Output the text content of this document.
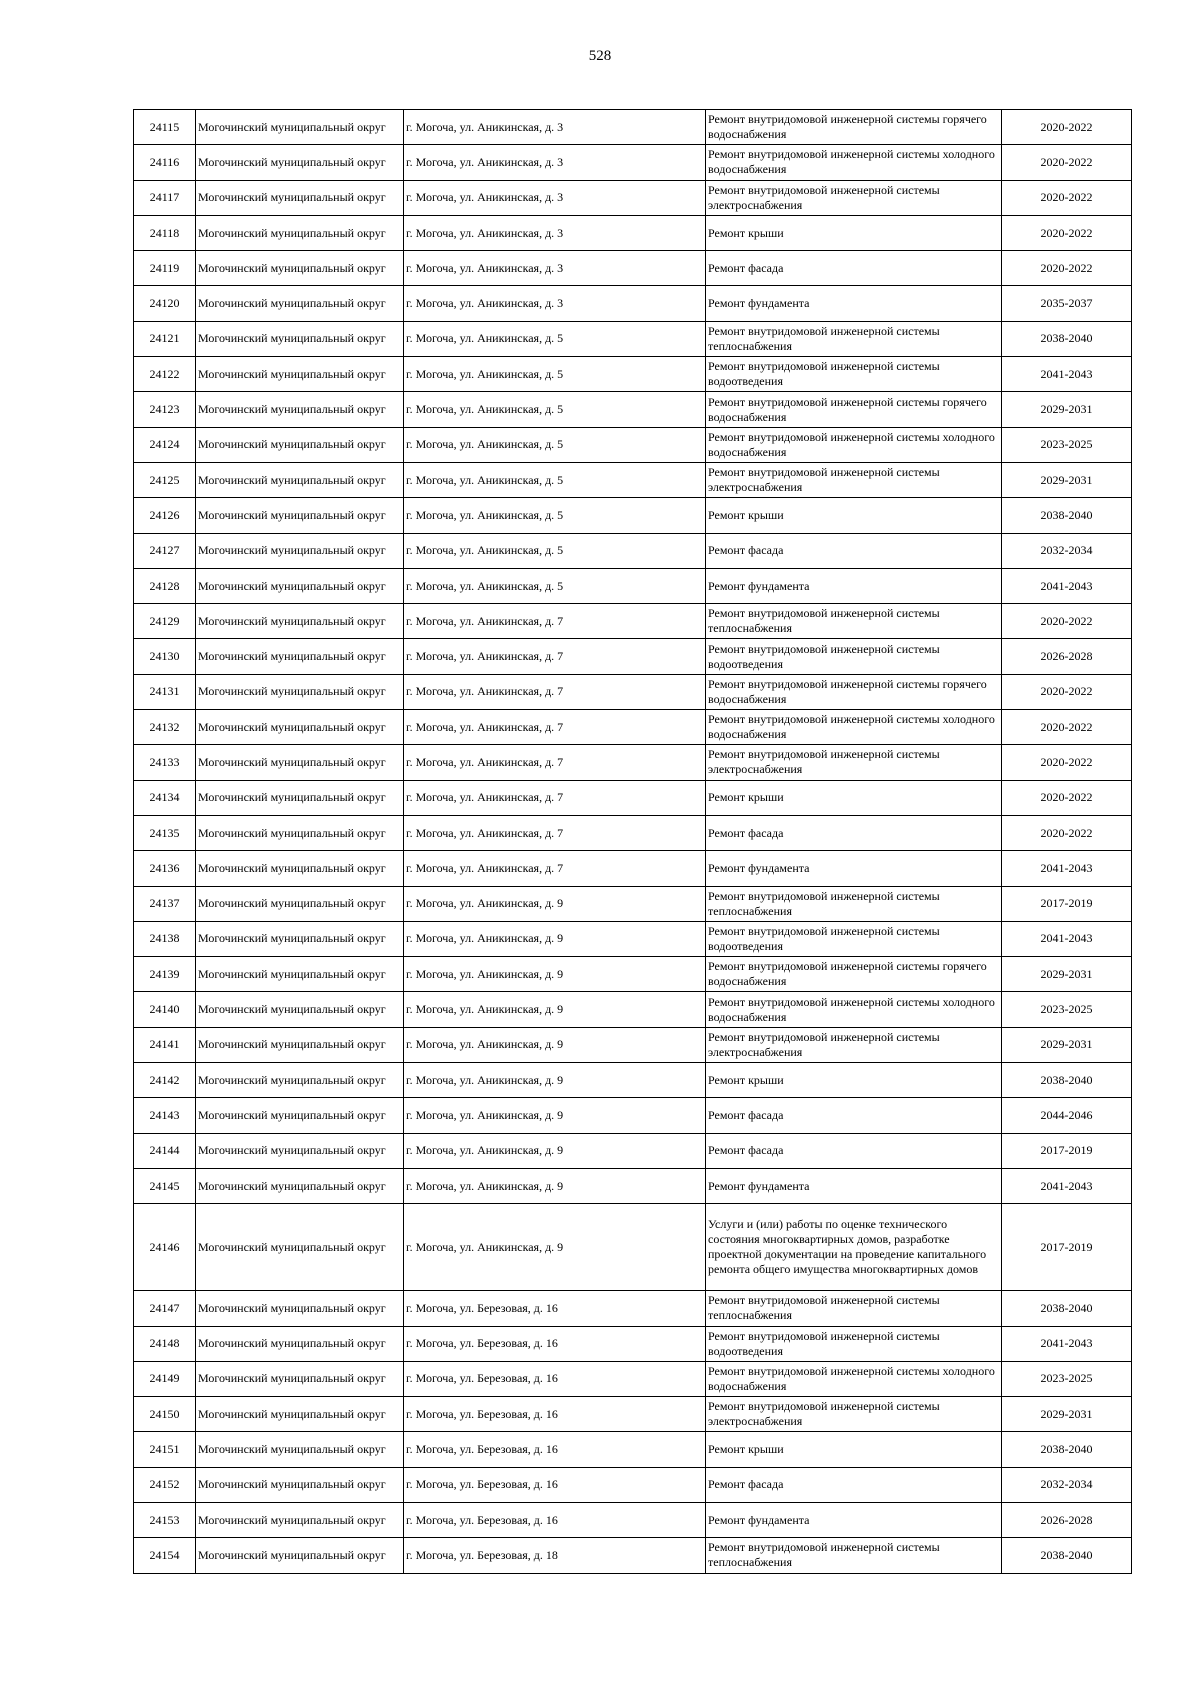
528
24115	Могочинский муниципальный округ	г. Могоча, ул. Аникинская, д. 3	Ремонт внутридомовой инженерной системы горячего водоснабжения	2020-2022
24116	Могочинский муниципальный округ	г. Могоча, ул. Аникинская, д. 3	Ремонт внутридомовой инженерной системы холодного водоснабжения	2020-2022
24117	Могочинский муниципальный округ	г. Могоча, ул. Аникинская, д. 3	Ремонт внутридомовой инженерной системы электроснабжения	2020-2022
24118	Могочинский муниципальный округ	г. Могоча, ул. Аникинская, д. 3	Ремонт крыши	2020-2022
24119	Могочинский муниципальный округ	г. Могоча, ул. Аникинская, д. 3	Ремонт фасада	2020-2022
24120	Могочинский муниципальный округ	г. Могоча, ул. Аникинская, д. 3	Ремонт фундамента	2035-2037
24121	Могочинский муниципальный округ	г. Могоча, ул. Аникинская, д. 5	Ремонт внутридомовой инженерной системы теплоснабжения	2038-2040
24122	Могочинский муниципальный округ	г. Могоча, ул. Аникинская, д. 5	Ремонт внутридомовой инженерной системы водоотведения	2041-2043
24123	Могочинский муниципальный округ	г. Могоча, ул. Аникинская, д. 5	Ремонт внутридомовой инженерной системы горячего водоснабжения	2029-2031
24124	Могочинский муниципальный округ	г. Могоча, ул. Аникинская, д. 5	Ремонт внутридомовой инженерной системы холодного водоснабжения	2023-2025
24125	Могочинский муниципальный округ	г. Могоча, ул. Аникинская, д. 5	Ремонт внутридомовой инженерной системы электроснабжения	2029-2031
24126	Могочинский муниципальный округ	г. Могоча, ул. Аникинская, д. 5	Ремонт крыши	2038-2040
24127	Могочинский муниципальный округ	г. Могоча, ул. Аникинская, д. 5	Ремонт фасада	2032-2034
24128	Могочинский муниципальный округ	г. Могоча, ул. Аникинская, д. 5	Ремонт фундамента	2041-2043
24129	Могочинский муниципальный округ	г. Могоча, ул. Аникинская, д. 7	Ремонт внутридомовой инженерной системы теплоснабжения	2020-2022
24130	Могочинский муниципальный округ	г. Могоча, ул. Аникинская, д. 7	Ремонт внутридомовой инженерной системы водоотведения	2026-2028
24131	Могочинский муниципальный округ	г. Могоча, ул. Аникинская, д. 7	Ремонт внутридомовой инженерной системы горячего водоснабжения	2020-2022
24132	Могочинский муниципальный округ	г. Могоча, ул. Аникинская, д. 7	Ремонт внутридомовой инженерной системы холодного водоснабжения	2020-2022
24133	Могочинский муниципальный округ	г. Могоча, ул. Аникинская, д. 7	Ремонт внутридомовой инженерной системы электроснабжения	2020-2022
24134	Могочинский муниципальный округ	г. Могоча, ул. Аникинская, д. 7	Ремонт крыши	2020-2022
24135	Могочинский муниципальный округ	г. Могоча, ул. Аникинская, д. 7	Ремонт фасада	2020-2022
24136	Могочинский муниципальный округ	г. Могоча, ул. Аникинская, д. 7	Ремонт фундамента	2041-2043
24137	Могочинский муниципальный округ	г. Могоча, ул. Аникинская, д. 9	Ремонт внутридомовой инженерной системы теплоснабжения	2017-2019
24138	Могочинский муниципальный округ	г. Могоча, ул. Аникинская, д. 9	Ремонт внутридомовой инженерной системы водоотведения	2041-2043
24139	Могочинский муниципальный округ	г. Могоча, ул. Аникинская, д. 9	Ремонт внутридомовой инженерной системы горячего водоснабжения	2029-2031
24140	Могочинский муниципальный округ	г. Могоча, ул. Аникинская, д. 9	Ремонт внутридомовой инженерной системы холодного водоснабжения	2023-2025
24141	Могочинский муниципальный округ	г. Могоча, ул. Аникинская, д. 9	Ремонт внутридомовой инженерной системы электроснабжения	2029-2031
24142	Могочинский муниципальный округ	г. Могоча, ул. Аникинская, д. 9	Ремонт крыши	2038-2040
24143	Могочинский муниципальный округ	г. Могоча, ул. Аникинская, д. 9	Ремонт фасада	2044-2046
24144	Могочинский муниципальный округ	г. Могоча, ул. Аникинская, д. 9	Ремонт фасада	2017-2019
24145	Могочинский муниципальный округ	г. Могоча, ул. Аникинская, д. 9	Ремонт фундамента	2041-2043
24146	Могочинский муниципальный округ	г. Могоча, ул. Аникинская, д. 9	Услуги и (или) работы по оценке технического состояния многоквартирных домов, разработке проектной документации на проведение капитального ремонта общего имущества многоквартирных домов	2017-2019
24147	Могочинский муниципальный округ	г. Могоча, ул. Березовая, д. 16	Ремонт внутридомовой инженерной системы теплоснабжения	2038-2040
24148	Могочинский муниципальный округ	г. Могоча, ул. Березовая, д. 16	Ремонт внутридомовой инженерной системы водоотведения	2041-2043
24149	Могочинский муниципальный округ	г. Могоча, ул. Березовая, д. 16	Ремонт внутридомовой инженерной системы холодного водоснабжения	2023-2025
24150	Могочинский муниципальный округ	г. Могоча, ул. Березовая, д. 16	Ремонт внутридомовой инженерной системы электроснабжения	2029-2031
24151	Могочинский муниципальный округ	г. Могоча, ул. Березовая, д. 16	Ремонт крыши	2038-2040
24152	Могочинский муниципальный округ	г. Могоча, ул. Березовая, д. 16	Ремонт фасада	2032-2034
24153	Могочинский муниципальный округ	г. Могоча, ул. Березовая, д. 16	Ремонт фундамента	2026-2028
24154	Могочинский муниципальный округ	г. Могоча, ул. Березовая, д. 18	Ремонт внутридомовой инженерной системы теплоснабжения	2038-2040
